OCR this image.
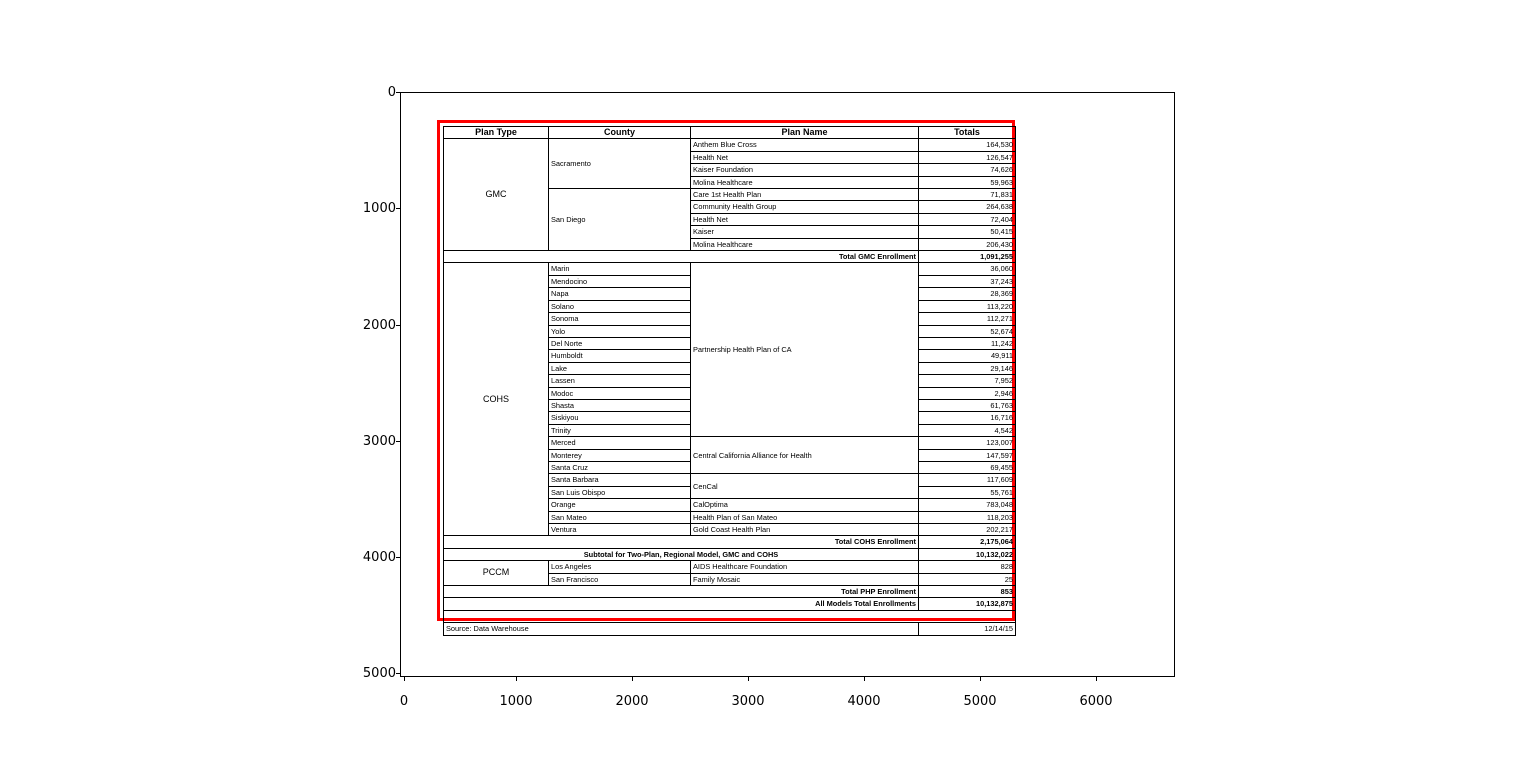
0
1000
2000
3000
4000
5000
0	1000	2000	3000	4000	5000	6000
Plan Type	County	Plan Name	Totals
GMC	Sacramento	Anthem Blue Cross	164,530
		Health Net	126,547
		Kaiser Foundation	74,626
		Molina Healthcare	59,963
	San Diego	Care 1st Health Plan	71,831
		Community Health Group	264,638
		Health Net	72,404
		Kaiser	50,415
		Molina Healthcare	206,430
Total GMC Enrollment			1,091,255
COHS	Marin	Partnership Health Plan of CA	36,060
	Mendocino		37,243
	Napa		28,369
	Solano		113,220
	Sonoma		112,271
	Yolo		52,674
	Del Norte		11,242
	Humboldt		49,911
	Lake		29,146
	Lassen		7,952
	Modoc		2,946
	Shasta		61,763
	Siskiyou		16,716
	Trinity		4,542
	Merced	Central California Alliance for Health	123,007
	Monterey		147,597
	Santa Cruz		69,455
	Santa Barbara	CenCal	117,609
	San Luis Obispo		55,761
	Orange	CalOptima	783,048
	San Mateo	Health Plan of San Mateo	118,203
	Ventura	Gold Coast Health Plan	202,217
Total COHS Enrollment			2,175,064
Subtotal for Two-Plan, Regional Model, GMC and COHS			10,132,022
PCCM	Los Angeles	AIDS Healthcare Foundation	828
	San Francisco	Family Mosaic	25
Total PHP Enrollment			853
All Models Total Enrollments			10,132,875

Source: Data Warehouse			12/14/15
